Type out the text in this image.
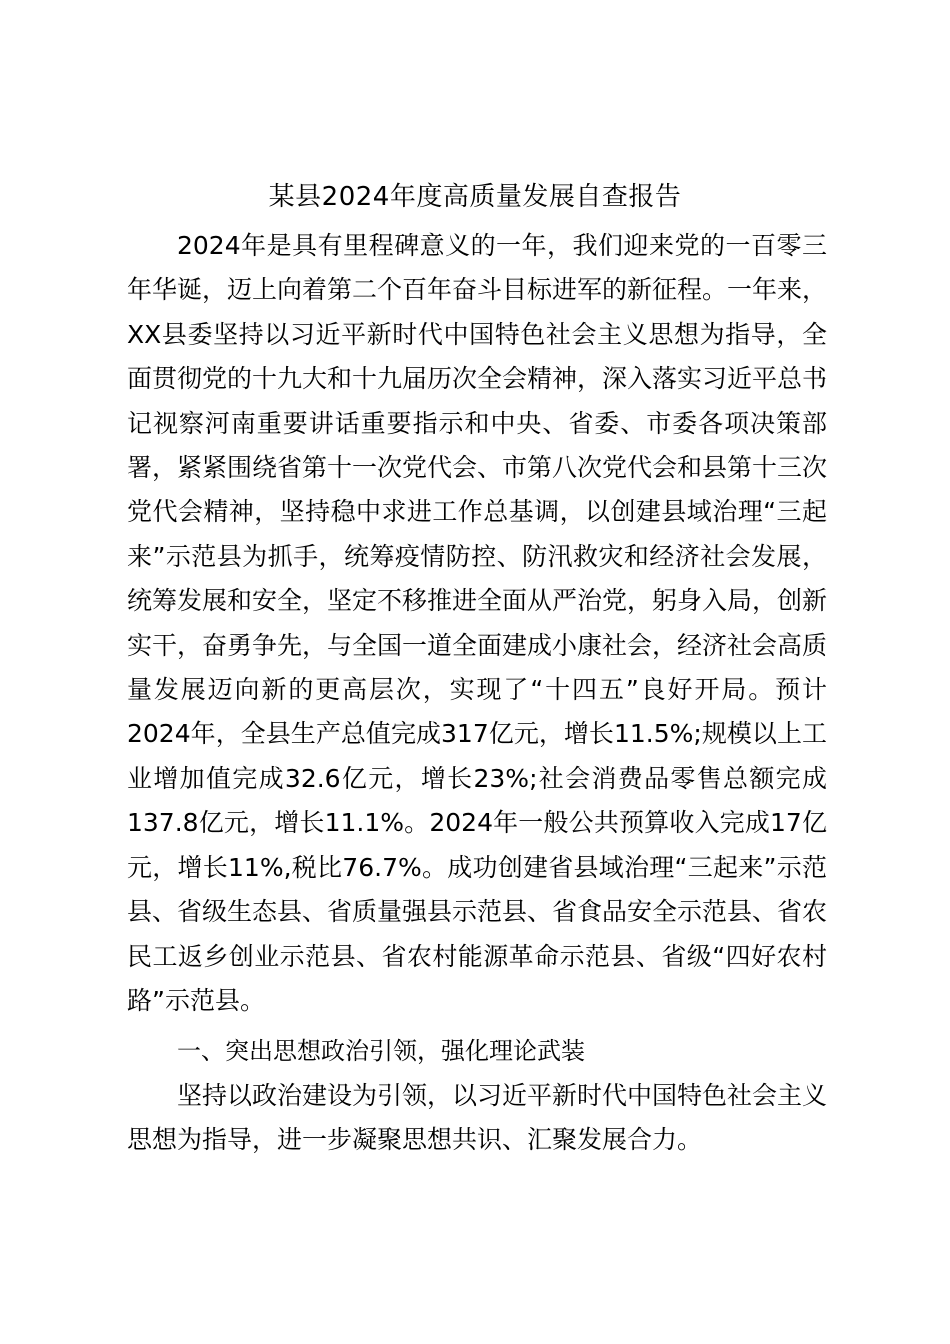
某县2024年度高质量发展自查报告

2024年是具有里程碑意义的一年，我们迎来党的一百零三年华诞，迈上向着第二个百年奋斗目标进军的新征程。一年来，XX县委坚持以习近平新时代中国特色社会主义思想为指导，全面贯彻党的十九大和十九届历次全会精神，深入落实习近平总书记视察河南重要讲话重要指示和中央、省委、市委各项决策部署，紧紧围绕省第十一次党代会、市第八次党代会和县第十三次党代会精神，坚持稳中求进工作总基调，以创建县域治理“三起来”示范县为抓手，统筹疫情防控、防汛救灾和经济社会发展，统筹发展和安全，坚定不移推进全面从严治党，躬身入局，创新实干，奋勇争先，与全国一道全面建成小康社会，经济社会高质量发展迈向新的更高层次，实现了“十四五”良好开局。预计2024年，全县生产总值完成317亿元，增长11.5%;规模以上工业增加值完成32.6亿元，增长23%;社会消费品零售总额完成137.8亿元，增长11.1%。2024年一般公共预算收入完成17亿元，增长11%,税比76.7%。成功创建省县域治理“三起来”示范县、省级生态县、省质量强县示范县、省食品安全示范县、省农民工返乡创业示范县、省农村能源革命示范县、省级“四好农村路”示范县。

一、突出思想政治引领，强化理论武装

坚持以政治建设为引领，以习近平新时代中国特色社会主义思想为指导，进一步凝聚思想共识、汇聚发展合力。
